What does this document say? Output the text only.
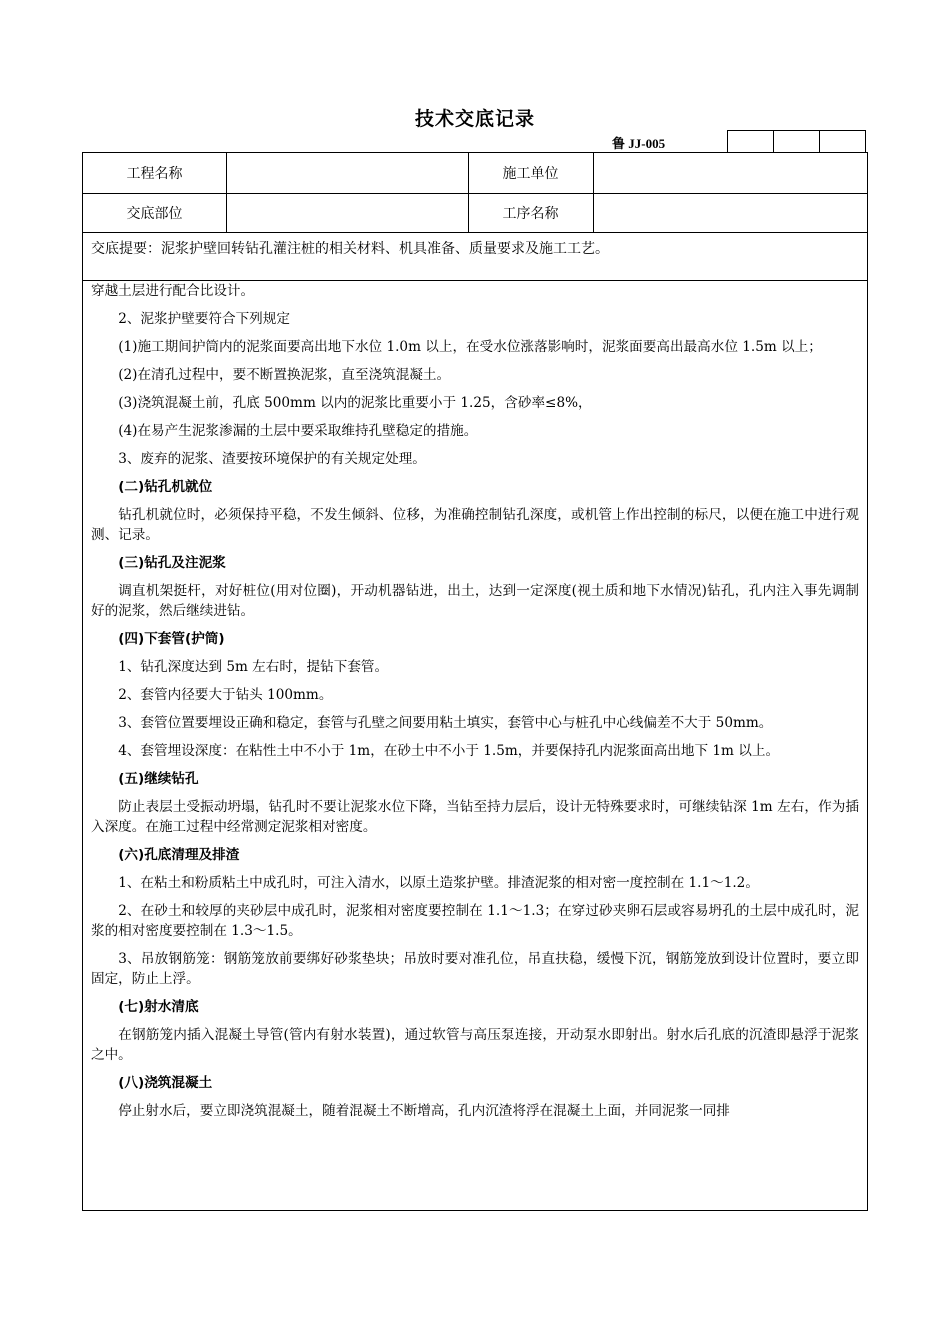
技术交底记录
鲁 JJ-005
工程名称	施工单位
交底部位	工序名称
交底提要：泥浆护壁回转钻孔灌注桩的相关材料、机具准备、质量要求及施工工艺。

穿越土层进行配合比设计。

2、泥浆护壁要符合下列规定

(1)施工期间护筒内的泥浆面要高出地下水位 1.0m 以上，在受水位涨落影响时，泥浆面要高出最高水位 1.5m 以上；

(2)在清孔过程中，要不断置换泥浆，直至浇筑混凝土。

(3)浇筑混凝土前，孔底 500mm 以内的泥浆比重要小于 1.25，含砂率≤8%，

(4)在易产生泥浆渗漏的土层中要采取维持孔壁稳定的措施。

3、废弃的泥浆、渣要按环境保护的有关规定处理。

(二)钻孔机就位

钻孔机就位时，必须保持平稳，不发生倾斜、位移，为准确控制钻孔深度，或机管上作出控制的标尺，以便在施工中进行观测、记录。

(三)钻孔及注泥浆

调直机架挺杆，对好桩位(用对位圈)，开动机器钻进，出土，达到一定深度(视土质和地下水情况)钻孔，孔内注入事先调制好的泥浆，然后继续进钻。

(四)下套管(护筒)

1、钻孔深度达到 5m 左右时，提钻下套管。

2、套管内径要大于钻头 100mm。

3、套管位置要埋设正确和稳定，套管与孔壁之间要用粘土填实，套管中心与桩孔中心线偏差不大于 50mm。

4、套管埋设深度：在粘性土中不小于 1m，在砂土中不小于 1.5m，并要保持孔内泥浆面高出地下 1m 以上。

(五)继续钻孔

防止表层土受振动坍塌，钻孔时不要让泥浆水位下降，当钻至持力层后，设计无特殊要求时，可继续钻深 1m 左右，作为插入深度。在施工过程中经常测定泥浆相对密度。

(六)孔底清理及排渣

1、在粘土和粉质粘土中成孔时，可注入清水，以原土造浆护壁。排渣泥浆的相对密一度控制在 1.1～1.2。

2、在砂土和较厚的夹砂层中成孔时，泥浆相对密度要控制在 1.1～1.3；在穿过砂夹卵石层或容易坍孔的土层中成孔时，泥浆的相对密度要控制在 1.3～1.5。

3、吊放钢筋笼：钢筋笼放前要绑好砂浆垫块；吊放时要对准孔位，吊直扶稳，缓慢下沉，钢筋笼放到设计位置时，要立即固定，防止上浮。

(七)射水清底

在钢筋笼内插入混凝土导管(管内有射水装置)，通过软管与高压泵连接，开动泵水即射出。射水后孔底的沉渣即悬浮于泥浆之中。

(八)浇筑混凝土

停止射水后，要立即浇筑混凝土，随着混凝土不断增高，孔内沉渣将浮在混凝土上面，并同泥浆一同排
